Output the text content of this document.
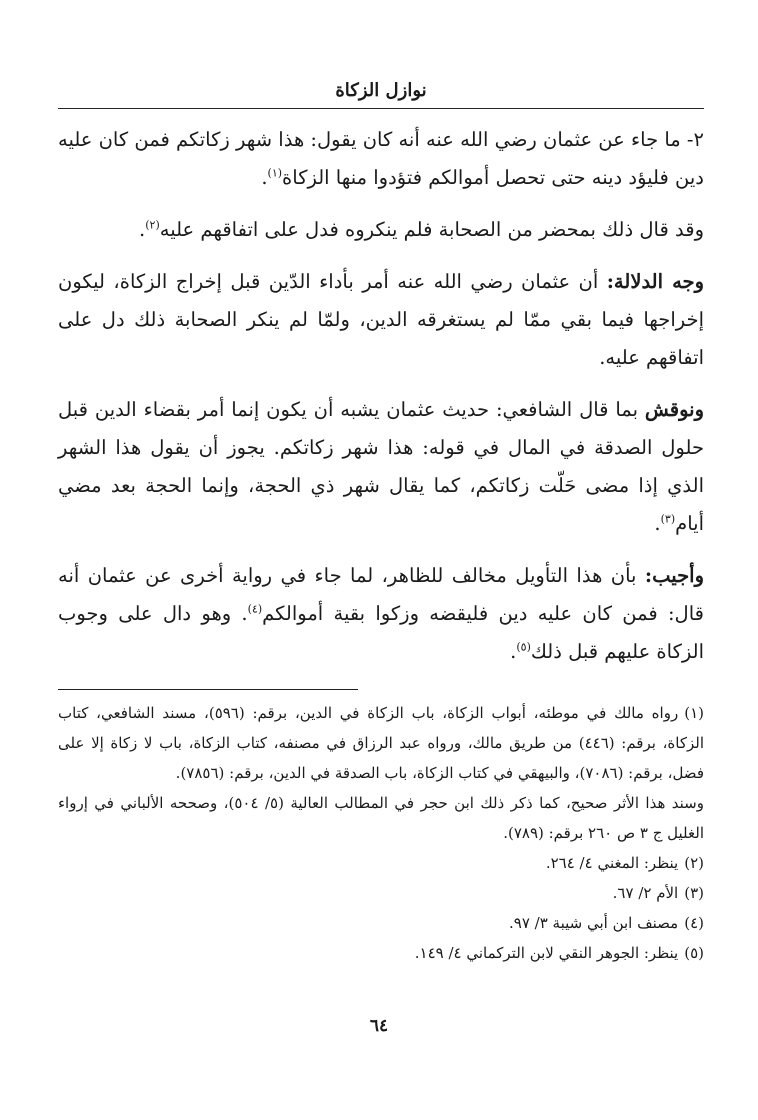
نوازل الزكاة

٢- ما جاء عن عثمان رضي الله عنه أنه كان يقول: هذا شهر زكاتكم فمن كان عليه دين فليؤد دينه حتى تحصل أموالكم فتؤدوا منها الزكاة$^{(١)}$.

وقد قال ذلك بمحضر من الصحابة فلم ينكروه فدل على اتفاقهم عليه$^{(٢)}$.

وجه الدلالة: أن عثمان رضي الله عنه أمر بأداء الدّين قبل إخراج الزكاة، ليكون إخراجها فيما بقي ممّا لم يستغرقه الدين، ولمّا لم ينكر الصحابة ذلك دل على اتفاقهم عليه.

ونوقش بما قال الشافعي: حديث عثمان يشبه أن يكون إنما أمر بقضاء الدين قبل حلول الصدقة في المال في قوله: هذا شهر زكاتكم. يجوز أن يقول هذا الشهر الذي إذا مضى حَلّت زكاتكم، كما يقال شهر ذي الحجة، وإنما الحجة بعد مضي أيام$^{(٣)}$.

وأجيب: بأن هذا التأويل مخالف للظاهر، لما جاء في رواية أخرى عن عثمان أنه قال: فمن كان عليه دين فليقضه وزكوا بقية أموالكم$^{(٤)}$. وهو دال على وجوب الزكاة عليهم قبل ذلك$^{(٥)}$.

(١)رواه مالك في موطئه، أبواب الزكاة، باب الزكاة في الدين، برقم: (٥٩٦)، مسند الشافعي، كتاب الزكاة، برقم: (٤٤٦) من طريق مالك، ورواه عبد الرزاق في مصنفه، كتاب الزكاة، باب لا زكاة إلا على فضل، برقم: (٧٠٨٦)، والبيهقي في كتاب الزكاة، باب الصدقة في الدين، برقم: (٧٨٥٦).

وسند هذا الأثر صحيح، كما ذكر ذلك ابن حجر في المطالب العالية (٥/ ٥٠٤)، وصححه الألباني في إرواء الغليل ج ٣ ص ٢٦٠ برقم: (٧٨٩).

(٢)ينظر: المغني ٤/ ٢٦٤.

(٣)الأم ٢/ ٦٧.

(٤)مصنف ابن أبي شيبة ٣/ ٩٧.

(٥)ينظر: الجوهر النقي لابن التركماني ٤/ ١٤٩.

٦٤
